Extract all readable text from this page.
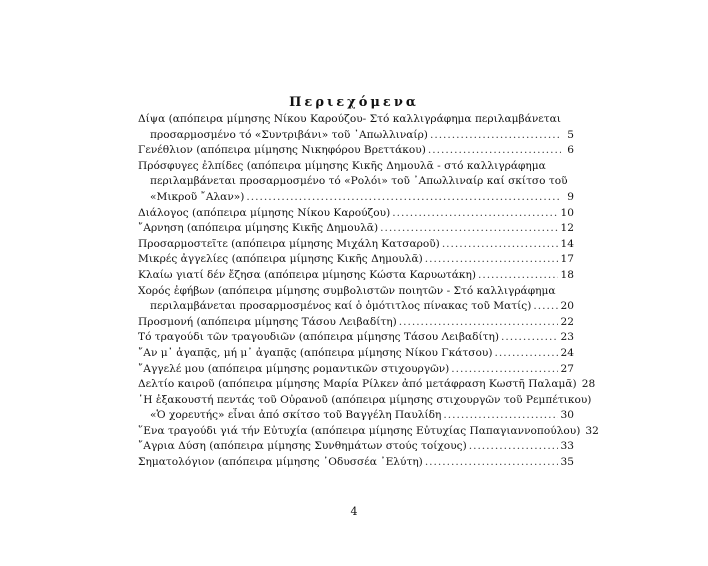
Περιεχόμενα
Δίψα (απόπειρα μίμησης Νίκου Καρούζου- Στό καλλιγράφημα περιλαμβάνεται
προσαρμοσμένο τό «Συντριβάνι» τοῦ ᾿Απωλλιναίρ) .....	5
Γενέθλιον (απόπειρα μίμησης Νικηφόρου Βρεττάκου) .....	6
Πρόσφυγες ἐλπίδες (απόπειρα μίμησης Κικῆς Δημουλᾶ - στό καλλιγράφημα
περιλαμβάνεται προσαρμοσμένο τό «Ρολόι» τοῦ ᾿Απωλλιναίρ καί σκίτσο τοῦ
«Μικροῦ ῎Αλαν») .....	9
Διάλογος (απόπειρα μίμησης Νίκου Καρούζου) .....	10
῎Αρνηση (απόπειρα μίμησης Κικῆς Δημουλᾶ) .....	12
Προσαρμοστεῖτε (απόπειρα μίμησης Μιχάλη Κατσαροῦ) .....	14
Μικρές ἀγγελίες (απόπειρα μίμησης Κικῆς Δημουλᾶ) .....	17
Κλαίω γιατί δέν ἔζησα (απόπειρα μίμησης Κώστα Καρυωτάκη) .....	18
Χορός ἐφήβων (απόπειρα μίμησης συμβολιστῶν ποιητῶν - Στό καλλιγράφημα
περιλαμβάνεται προσαρμοσμένος καί ὁ ὁμότιτλος πίνακας τοῦ Ματίς) .....	20
Προσμονή (απόπειρα μίμησης Τάσου Λειβαδίτη) .....	22
Τό τραγούδι τῶν τραγουδιῶν (απόπειρα μίμησης Τάσου Λειβαδίτη) .....	23
῎Αν μ᾿ ἀγαπᾷς, μή μ᾿ ἀγαπᾷς (απόπειρα μίμησης Νίκου Γκάτσου) .....	24
῎Αγγελέ μου (απόπειρα μίμησης ρομαντικῶν στιχουργῶν) .....	27
Δελτίο καιροῦ (απόπειρα μίμησης Μαρία Ρίλκεν ἀπό μετάφραση Κωστῆ Παλαμᾶ) 28
῾Η ἐξακουστή πεντάς τοῦ Οὐρανοῦ (απόπειρα μίμησης στιχουργῶν τοῦ Ρεμπέτικου)
«Ὁ χορευτής» εἶναι ἀπό σκίτσο τοῦ Βαγγέλη Παυλίδη .....	30
῞Ενα τραγούδι γιά τήν Εὐτυχία (απόπειρα μίμησης Εὐτυχίας Παπαγιαννοπούλου) 32
῎Αγρια Δύση (απόπειρα μίμησης Συνθημάτων στούς τοίχους) .....	33
Σηματολόγιον (απόπειρα μίμησης ᾿Οδυσσέα ᾿Ελύτη) .....	35
4
